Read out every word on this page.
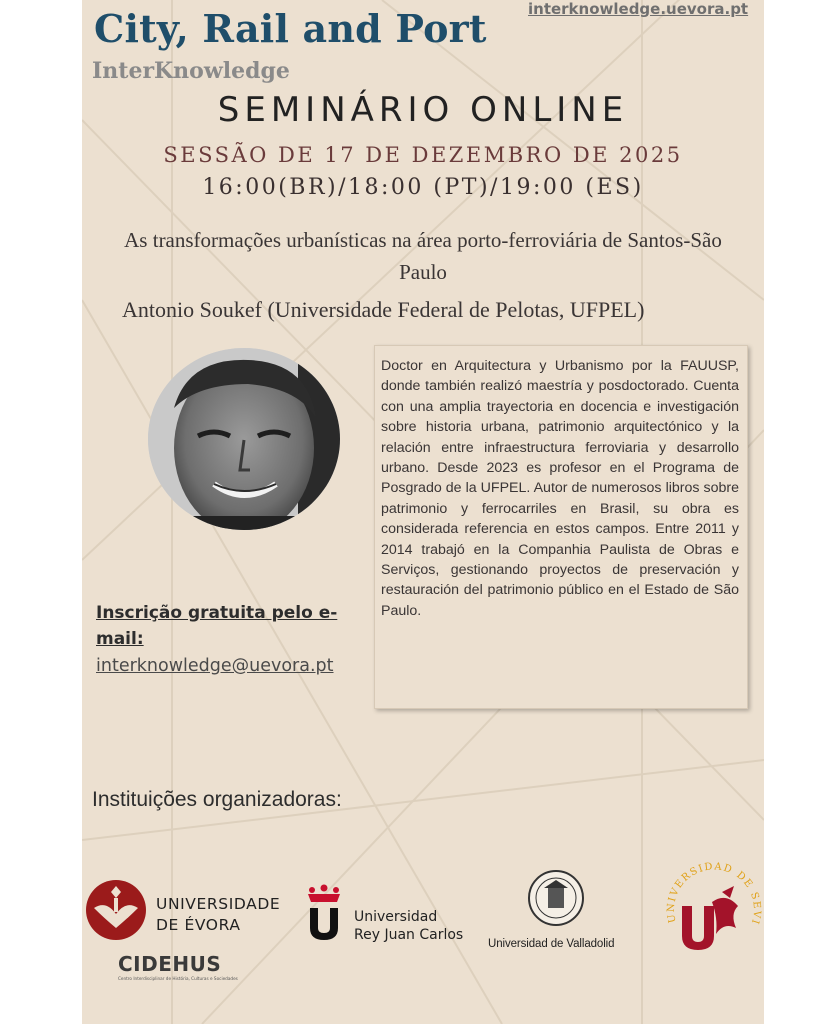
City, Rail and Port	interknowledge.uevora.pt
InterKnowledge
SEMINÁRIO ONLINE
SESSÃO DE 17 DE DEZEMBRO DE 2025
16:00(BR)/18:00 (PT)/19:00 (ES)
As transformações urbanísticas na área porto-ferroviária de Santos-São Paulo
Antonio Soukef (Universidade Federal de Pelotas, UFPEL)

Doctor en Arquitectura y Urbanismo por la FAUUSP, donde también realizó maestría y posdoctorado. Cuenta con una amplia trayectoria en docencia e investigación sobre historia urbana, patrimonio arquitectónico y la relación entre infraestructura ferroviaria y desarrollo urbano. Desde 2023 es profesor en el Programa de Posgrado de la UFPEL. Autor de numerosos libros sobre patrimonio y ferrocarriles en Brasil, su obra es considerada referencia en estos campos. Entre 2011 y 2014 trabajó en la Companhia Paulista de Obras e Serviços, gestionando proyectos de preservación y restauración del patrimonio público en el Estado de São Paulo.

Inscrição gratuita pelo e-mail:
interknowledge@uevora.pt
Instituições organizadoras:
UNIVERSIDADE DE ÉVORA
CIDEHUS
Centro Interdisciplinar de História, Culturas e Sociedades
Universidad
Rey Juan Carlos
Universidad de Valladolid
UNIVERSIDAD DE SEVI
